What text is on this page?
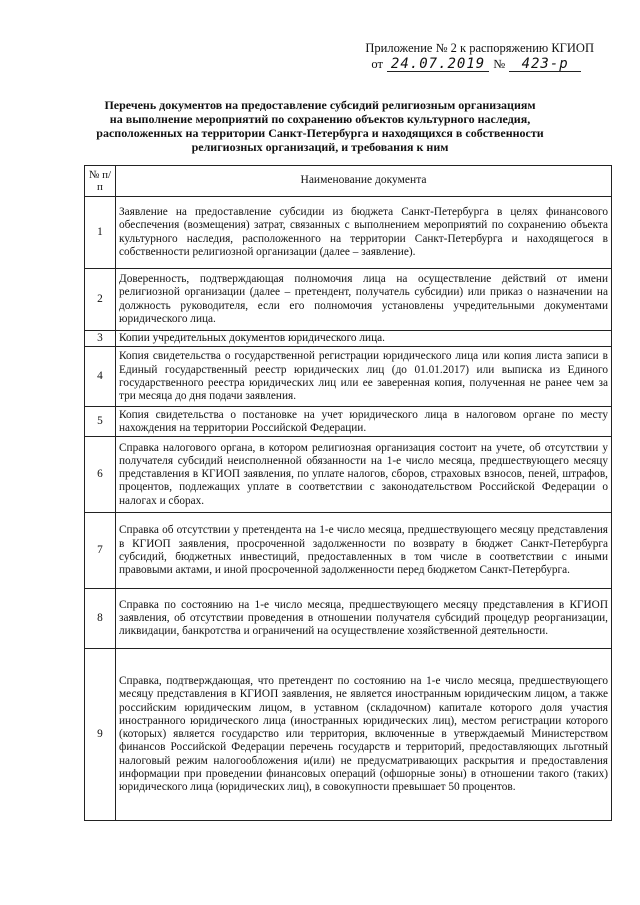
Приложение № 2 к распоряжению КГИОП
от 24.07.2019 №	423-р
Перечень документов на предоставление субсидий религиозным организациям
на выполнение мероприятий по сохранению объектов культурного наследия,
расположенных на территории Санкт-Петербурга и находящихся в собственности
религиозных организаций, и требования к ним
№ п/п	Наименование документа
1	Заявление на предоставление субсидии из бюджета Санкт-Петербурга в целях финансового обеспечения (возмещения) затрат, связанных с выполнением мероприятий по сохранению объекта культурного наследия, расположенного на территории Санкт-Петербурга и находящегося в собственности религиозной организации (далее – заявление).
2	Доверенность, подтверждающая полномочия лица на осуществление действий от имени религиозной организации (далее – претендент, получатель субсидии) или приказ о назначении на должность руководителя, если его полномочия установлены учредительными документами юридического лица.
3	Копии учредительных документов юридического лица.
4	Копия свидетельства о государственной регистрации юридического лица или копия листа записи в Единый государственный реестр юридических лиц (до 01.01.2017) или выписка из Единого государственного реестра юридических лиц или ее заверенная копия, полученная не ранее чем за три месяца до дня подачи заявления.
5	Копия свидетельства о постановке на учет юридического лица в налоговом органе по месту нахождения на территории Российской Федерации.
6	Справка налогового органа, в котором религиозная организация состоит на учете, об отсутствии у получателя субсидий неисполненной обязанности на 1-е число месяца, предшествующего месяцу представления в КГИОП заявления, по уплате налогов, сборов, страховых взносов, пеней, штрафов, процентов, подлежащих уплате в соответствии с законодательством Российской Федерации о налогах и сборах.
7	Справка об отсутствии у претендента на 1-е число месяца, предшествующего месяцу представления в КГИОП заявления, просроченной задолженности по возврату в бюджет Санкт-Петербурга субсидий, бюджетных инвестиций, предоставленных в том числе в соответствии с иными правовыми актами, и иной просроченной задолженности перед бюджетом Санкт-Петербурга.
8	Справка по состоянию на 1-е число месяца, предшествующего месяцу представления в КГИОП заявления, об отсутствии проведения в отношении получателя субсидий процедур реорганизации, ликвидации, банкротства и ограничений на осуществление хозяйственной деятельности.
9	Справка, подтверждающая, что претендент по состоянию на 1-е число месяца, предшествующего месяцу представления в КГИОП заявления, не является иностранным юридическим лицом, а также российским юридическим лицом, в уставном (складочном) капитале которого доля участия иностранного юридического лица (иностранных юридических лиц), местом регистрации которого (которых) является государство или территория, включенные в утверждаемый Министерством финансов Российской Федерации перечень государств и территорий, предоставляющих льготный налоговый режим налогообложения и(или) не предусматривающих раскрытия и предоставления информации при проведении финансовых операций (офшорные зоны) в отношении такого (таких) юридического лица (юридических лиц), в совокупности превышает 50 процентов.
